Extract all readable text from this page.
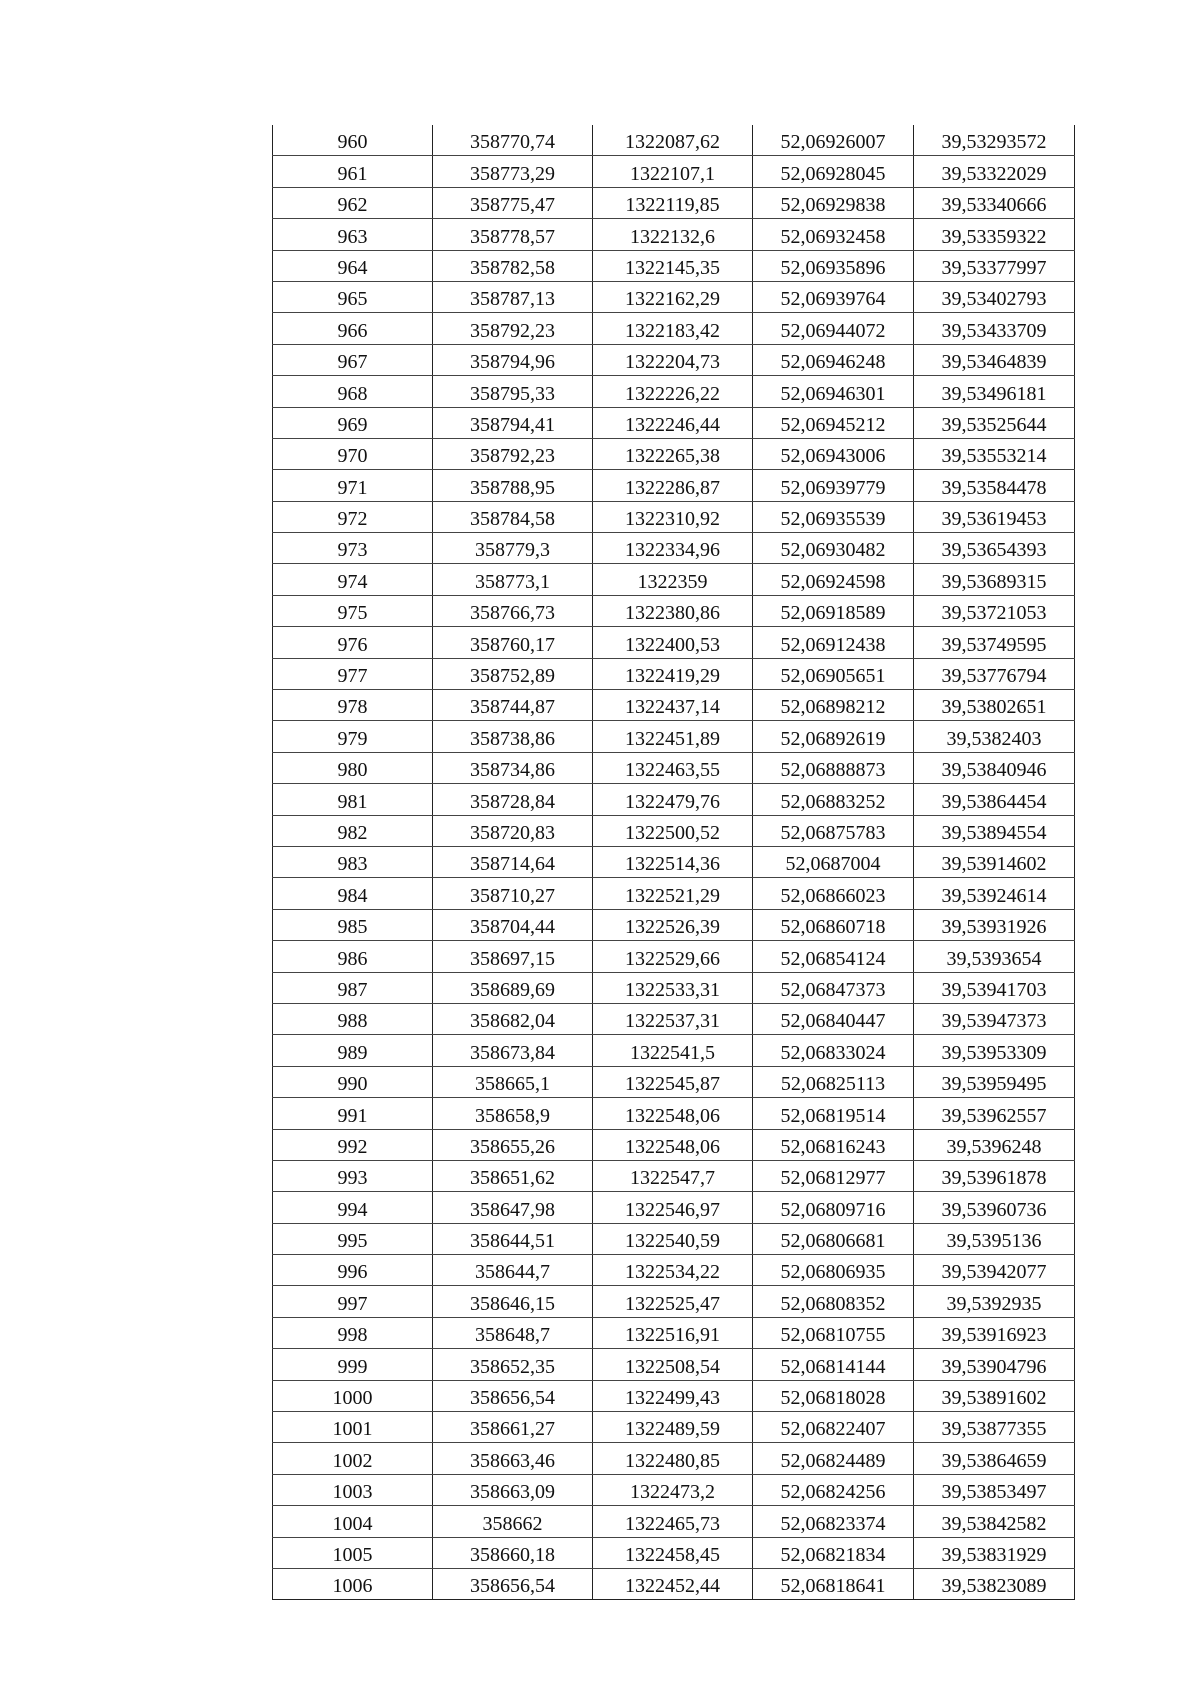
960	358770,74	1322087,62	52,06926007	39,53293572
961	358773,29	1322107,1	52,06928045	39,53322029
962	358775,47	1322119,85	52,06929838	39,53340666
963	358778,57	1322132,6	52,06932458	39,53359322
964	358782,58	1322145,35	52,06935896	39,53377997
965	358787,13	1322162,29	52,06939764	39,53402793
966	358792,23	1322183,42	52,06944072	39,53433709
967	358794,96	1322204,73	52,06946248	39,53464839
968	358795,33	1322226,22	52,06946301	39,53496181
969	358794,41	1322246,44	52,06945212	39,53525644
970	358792,23	1322265,38	52,06943006	39,53553214
971	358788,95	1322286,87	52,06939779	39,53584478
972	358784,58	1322310,92	52,06935539	39,53619453
973	358779,3	1322334,96	52,06930482	39,53654393
974	358773,1	1322359	52,06924598	39,53689315
975	358766,73	1322380,86	52,06918589	39,53721053
976	358760,17	1322400,53	52,06912438	39,53749595
977	358752,89	1322419,29	52,06905651	39,53776794
978	358744,87	1322437,14	52,06898212	39,53802651
979	358738,86	1322451,89	52,06892619	39,5382403
980	358734,86	1322463,55	52,06888873	39,53840946
981	358728,84	1322479,76	52,06883252	39,53864454
982	358720,83	1322500,52	52,06875783	39,53894554
983	358714,64	1322514,36	52,0687004	39,53914602
984	358710,27	1322521,29	52,06866023	39,53924614
985	358704,44	1322526,39	52,06860718	39,53931926
986	358697,15	1322529,66	52,06854124	39,5393654
987	358689,69	1322533,31	52,06847373	39,53941703
988	358682,04	1322537,31	52,06840447	39,53947373
989	358673,84	1322541,5	52,06833024	39,53953309
990	358665,1	1322545,87	52,06825113	39,53959495
991	358658,9	1322548,06	52,06819514	39,53962557
992	358655,26	1322548,06	52,06816243	39,5396248
993	358651,62	1322547,7	52,06812977	39,53961878
994	358647,98	1322546,97	52,06809716	39,53960736
995	358644,51	1322540,59	52,06806681	39,5395136
996	358644,7	1322534,22	52,06806935	39,53942077
997	358646,15	1322525,47	52,06808352	39,5392935
998	358648,7	1322516,91	52,06810755	39,53916923
999	358652,35	1322508,54	52,06814144	39,53904796
1000	358656,54	1322499,43	52,06818028	39,53891602
1001	358661,27	1322489,59	52,06822407	39,53877355
1002	358663,46	1322480,85	52,06824489	39,53864659
1003	358663,09	1322473,2	52,06824256	39,53853497
1004	358662	1322465,73	52,06823374	39,53842582
1005	358660,18	1322458,45	52,06821834	39,53831929
1006	358656,54	1322452,44	52,06818641	39,53823089
